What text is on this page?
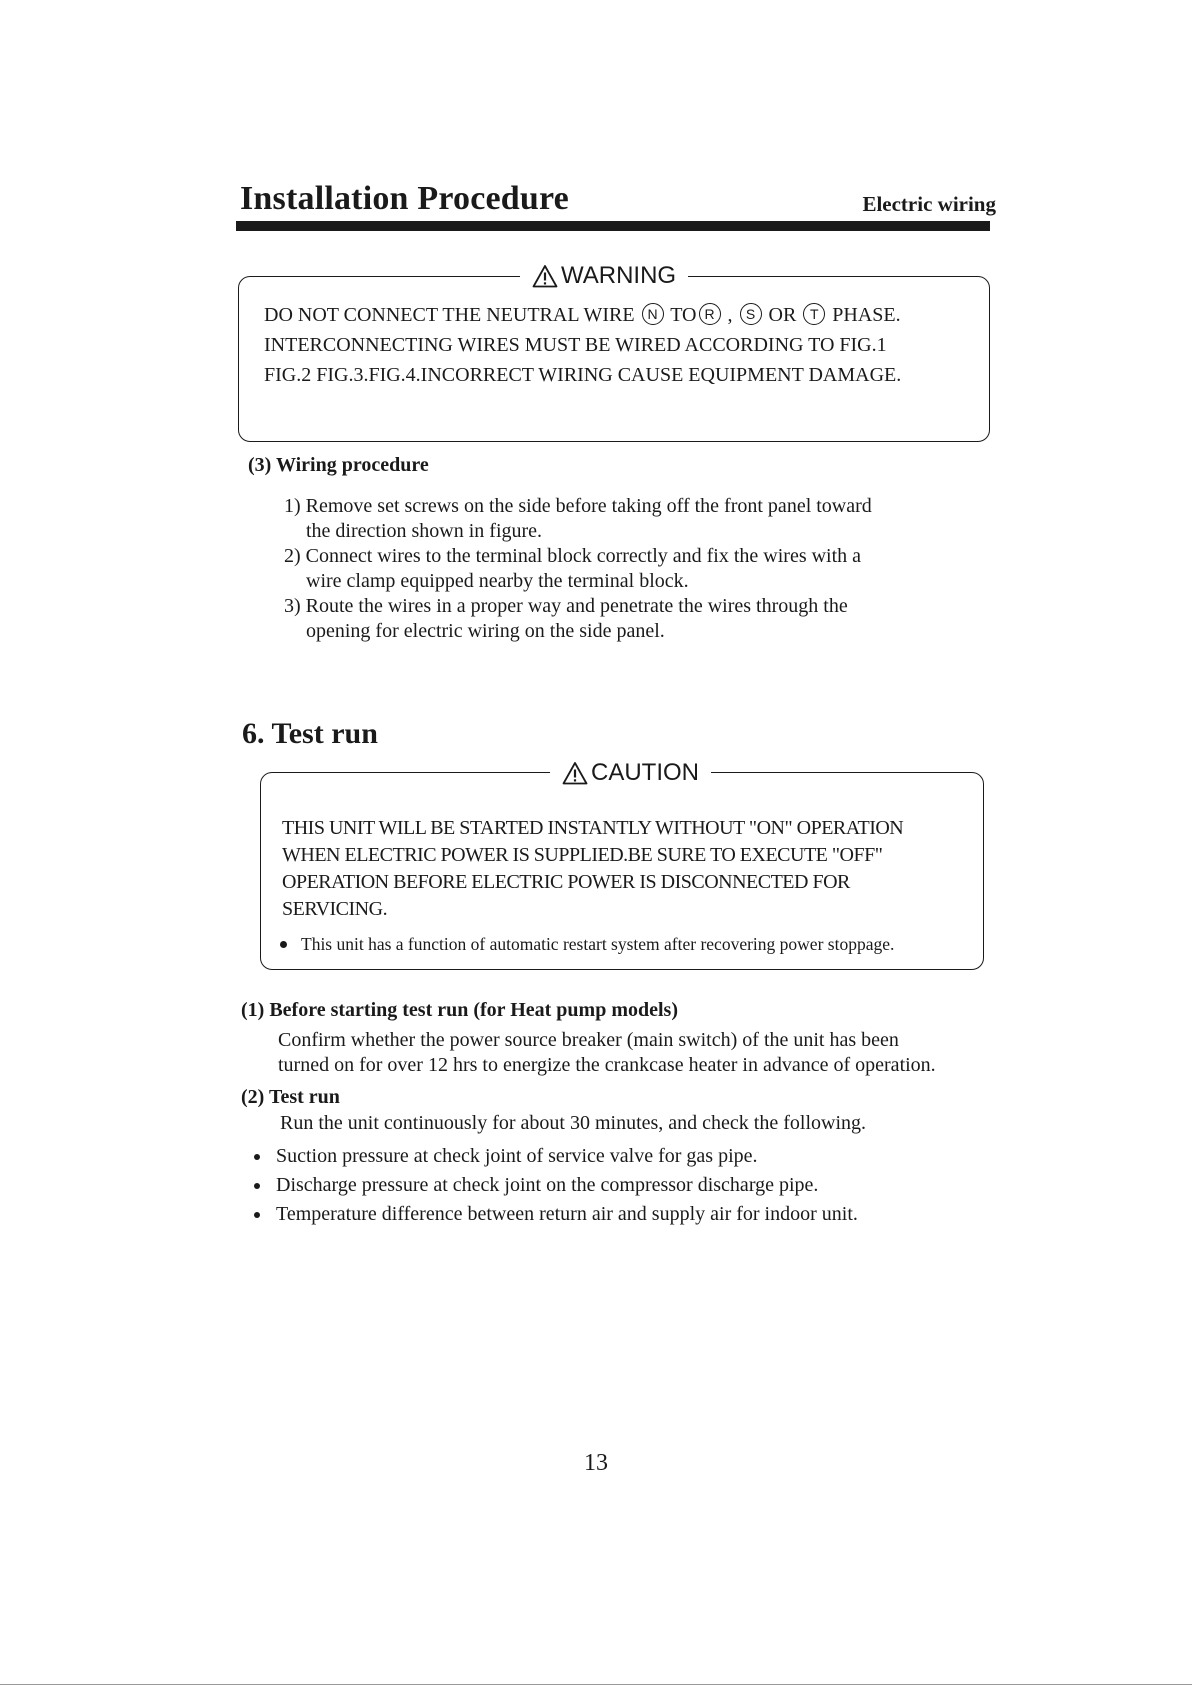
Installation Procedure	Electric wiring
WARNING
DO NOT CONNECT THE NEUTRAL WIRE N TO R , S OR T PHASE.
INTERCONNECTING WIRES MUST BE WIRED ACCORDING TO FIG.1
FIG.2 FIG.3.FIG.4.INCORRECT WIRING CAUSE EQUIPMENT DAMAGE.
(3) Wiring procedure
1) Remove set screws on the side before taking off the front panel toward
the direction shown in figure.
2) Connect wires to the terminal block correctly and fix the wires with a
wire clamp equipped nearby the terminal block.
3) Route the wires in a proper way and penetrate the wires through the
opening for electric wiring on the side panel.
6. Test run
CAUTION
THIS UNIT WILL BE STARTED INSTANTLY WITHOUT "ON" OPERATION
WHEN ELECTRIC POWER IS SUPPLIED.BE SURE TO EXECUTE "OFF"
OPERATION BEFORE ELECTRIC POWER IS DISCONNECTED FOR
SERVICING.
This unit has a function of automatic restart system after recovering power stoppage.
(1) Before starting test run (for Heat pump models)
Confirm whether the power source breaker (main switch) of the unit has been
turned on for over 12 hrs to energize the crankcase heater in advance of operation.
(2) Test run
Run the unit continuously for about 30 minutes, and check the following.
Suction pressure at check joint of service valve for gas pipe.
Discharge pressure at check joint on the compressor discharge pipe.
Temperature difference between return air and supply air for indoor unit.
13
